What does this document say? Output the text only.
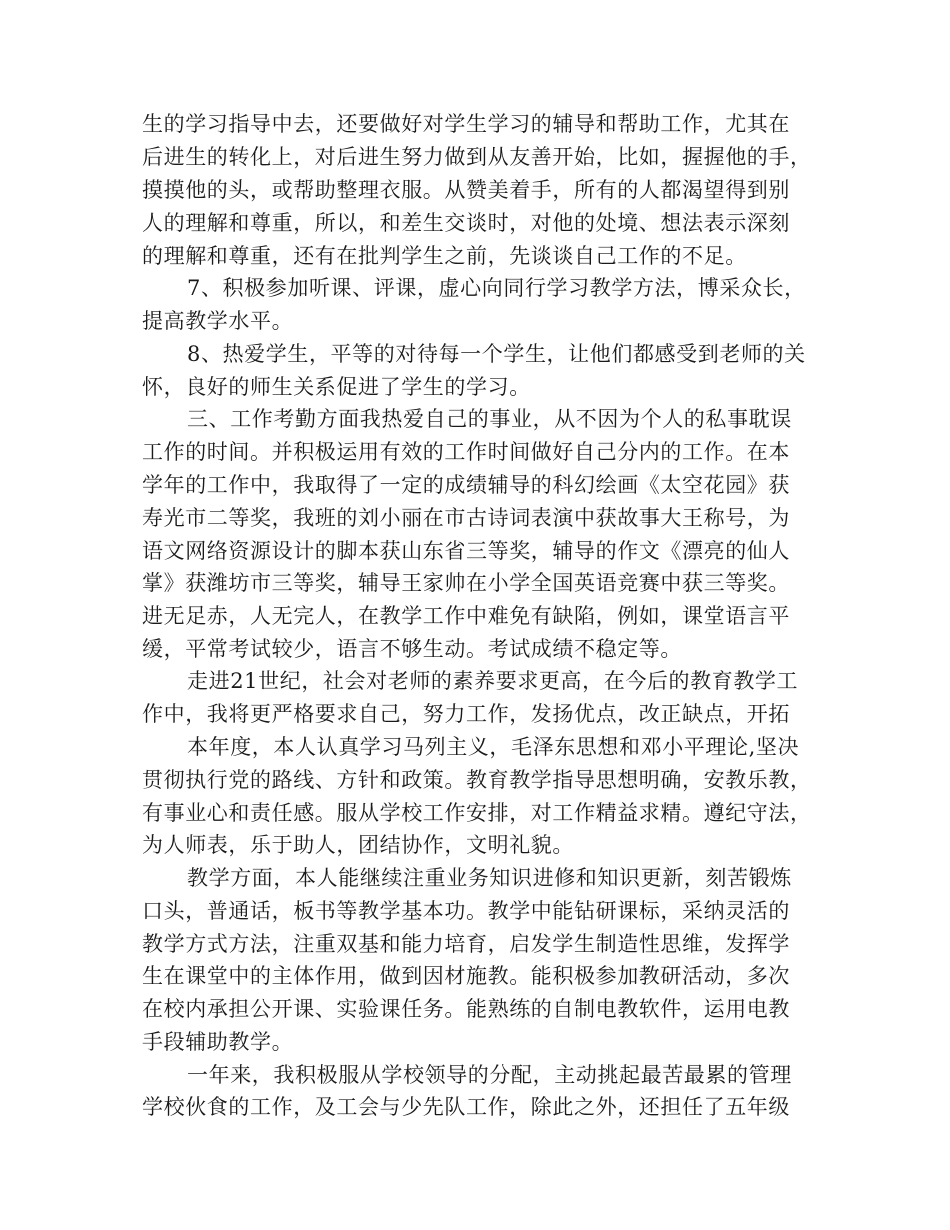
生的学习指导中去，还要做好对学生学习的辅导和帮助工作，尤其在
后进生的转化上，对后进生努力做到从友善开始，比如，握握他的手，
摸摸他的头，或帮助整理衣服。从赞美着手，所有的人都渴望得到别
人的理解和尊重，所以，和差生交谈时，对他的处境、想法表示深刻
的理解和尊重，还有在批判学生之前，先谈谈自己工作的不足。
7、积极参加听课、评课，虚心向同行学习教学方法，博采众长，
提高教学水平。
8、热爱学生，平等的对待每一个学生，让他们都感受到老师的关
怀，良好的师生关系促进了学生的学习。
三、工作考勤方面我热爱自己的事业，从不因为个人的私事耽误
工作的时间。并积极运用有效的工作时间做好自己分内的工作。在本
学年的工作中，我取得了一定的成绩辅导的科幻绘画《太空花园》获
寿光市二等奖，我班的刘小丽在市古诗词表演中获故事大王称号，为
语文网络资源设计的脚本获山东省三等奖，辅导的作文《漂亮的仙人
掌》获潍坊市三等奖，辅导王家帅在小学全国英语竞赛中获三等奖。
进无足赤，人无完人，在教学工作中难免有缺陷，例如，课堂语言平
缓，平常考试较少，语言不够生动。考试成绩不稳定等。
走进21世纪，社会对老师的素养要求更高，在今后的教育教学工
作中，我将更严格要求自己，努力工作，发扬优点，改正缺点，开拓
本年度，本人认真学习马列主义，毛泽东思想和邓小平理论,坚决
贯彻执行党的路线、方针和政策。教育教学指导思想明确，安教乐教，
有事业心和责任感。服从学校工作安排，对工作精益求精。遵纪守法，
为人师表，乐于助人，团结协作，文明礼貌。
教学方面，本人能继续注重业务知识进修和知识更新，刻苦锻炼
口头，普通话，板书等教学基本功。教学中能钻研课标，采纳灵活的
教学方式方法，注重双基和能力培育，启发学生制造性思维，发挥学
生在课堂中的主体作用，做到因材施教。能积极参加教研活动，多次
在校内承担公开课、实验课任务。能熟练的自制电教软件，运用电教
手段辅助教学。
一年来，我积极服从学校领导的分配，主动挑起最苦最累的管理
学校伙食的工作，及工会与少先队工作，除此之外，还担任了五年级
